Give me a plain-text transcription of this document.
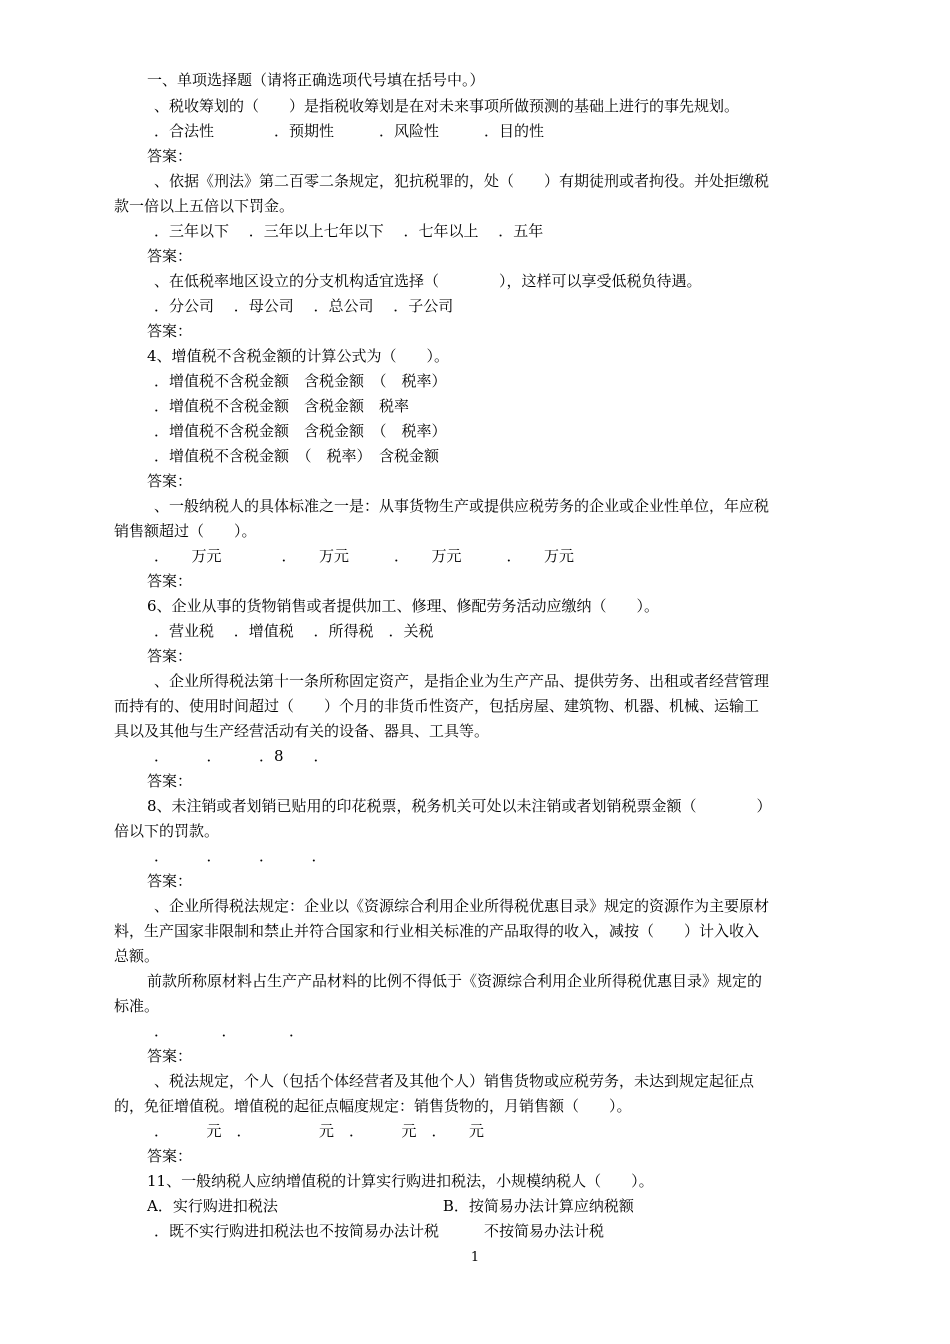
一、单项选择题（请将正确选项代号填在括号中。）
、税收筹划的（　　）是指税收筹划是在对未来事项所做预测的基础上进行的事先规划。
．合法性　　　　．预期性　　　．风险性　　　．目的性
答案：
、依据《刑法》第二百零二条规定，犯抗税罪的，处（　　）有期徒刑或者拘役。并处拒缴税
款一倍以上五倍以下罚金。
．三年以下　 ．三年以上七年以下　 ．七年以上　 ．五年
答案：
、在低税率地区设立的分支机构适宜选择（　　　　），这样可以享受低税负待遇。
．分公司　 ．母公司　 ．总公司　 ．子公司
答案：
4、增值税不含税金额的计算公式为（　　）。
．增值税不含税金额　含税金额　（　税率）
．增值税不含税金额　含税金额　税率
．增值税不含税金额　含税金额　（　税率）
．增值税不含税金额　（　税率）　含税金额
答案：
、一般纳税人的具体标准之一是：从事货物生产或提供应税劳务的企业或企业性单位，年应税
销售额超过（　　）。
．　　万元　　　　．　　万元　　　．　　万元　　　．　　万元
答案：
6、企业从事的货物销售或者提供加工、修理、修配劳务活动应缴纳（　　）。
．营业税　 ．增值税　 ．所得税　．关税
答案：
、企业所得税法第十一条所称固定资产，是指企业为生产产品、提供劳务、出租或者经营管理
而持有的、使用时间超过（　　）个月的非货币性资产，包括房屋、建筑物、机器、机械、运输工
具以及其他与生产经营活动有关的设备、器具、工具等。
．　　　．　　　．8　　．
答案：
8、未注销或者划销已贴用的印花税票，税务机关可处以未注销或者划销税票金额（　　　　）
倍以下的罚款。
．　　　．　　　．　　　．
答案：
、企业所得税法规定：企业以《资源综合利用企业所得税优惠目录》规定的资源作为主要原材
料，生产国家非限制和禁止并符合国家和行业相关标准的产品取得的收入，减按（　　）计入收入
总额。
前款所称原材料占生产产品材料的比例不得低于《资源综合利用企业所得税优惠目录》规定的
标准。
．　　　　．　　　　．
答案：
、税法规定，个人（包括个体经营者及其他个人）销售货物或应税劳务，未达到规定起征点
的，免征增值税。增值税的起征点幅度规定：销售货物的，月销售额（　　）。
．　　　元　．　　　　　元　．　　　元　．　　元
答案：
11、一般纳税人应纳增值税的计算实行购进扣税法，小规模纳税人（　　）。
A．实行购进扣税法　　　　　　　　　　　B．按简易办法计算应纳税额
．既不实行购进扣税法也不按简易办法计税　　　不按简易办法计税
1
